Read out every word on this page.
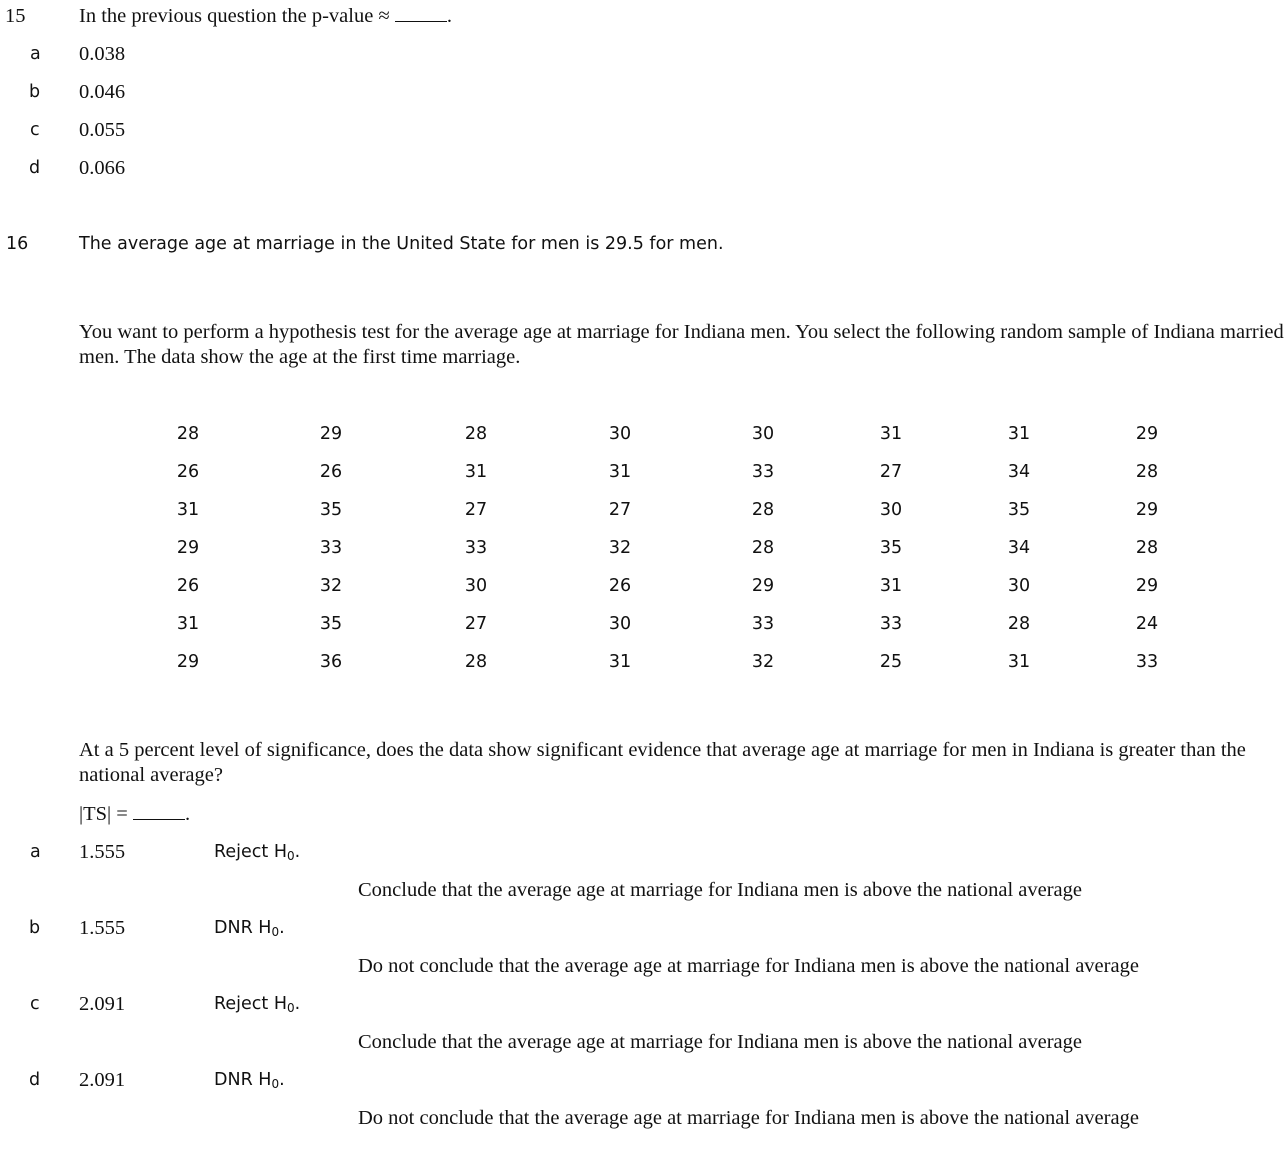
15	In the previous question the p-value ≈	.
a 0.038
b 0.046
c 0.055
d 0.066
16	The average age at marriage in the United State for men is 29.5 for men.
You want to perform a hypothesis test for the average age at marriage for Indiana men. You select the following random sample of Indiana married men. The data show the age at the first time marriage.
28	29	28	30	30	31	31	29
26	26	31	31	33	27	34	28
31	35	27	27	28	30	35	29
29	33	33	32	28	35	34	28
26	32	30	26	29	31	30	29
31	35	27	30	33	33	28	24
29	36	28	31	32	25	31	33
At a 5 percent level of significance, does the data show significant evidence that average age at marriage for men in Indiana is greater than the national average?
|TS| =	.
a 1.555	Reject $H_0$.
Conclude that the average age at marriage for Indiana men is above the national average
b 1.555	DNR $H_0$.
Do not conclude that the average age at marriage for Indiana men is above the national average
c 2.091	Reject $H_0$.
Conclude that the average age at marriage for Indiana men is above the national average
d 2.091	DNR $H_0$.
Do not conclude that the average age at marriage for Indiana men is above the national average
